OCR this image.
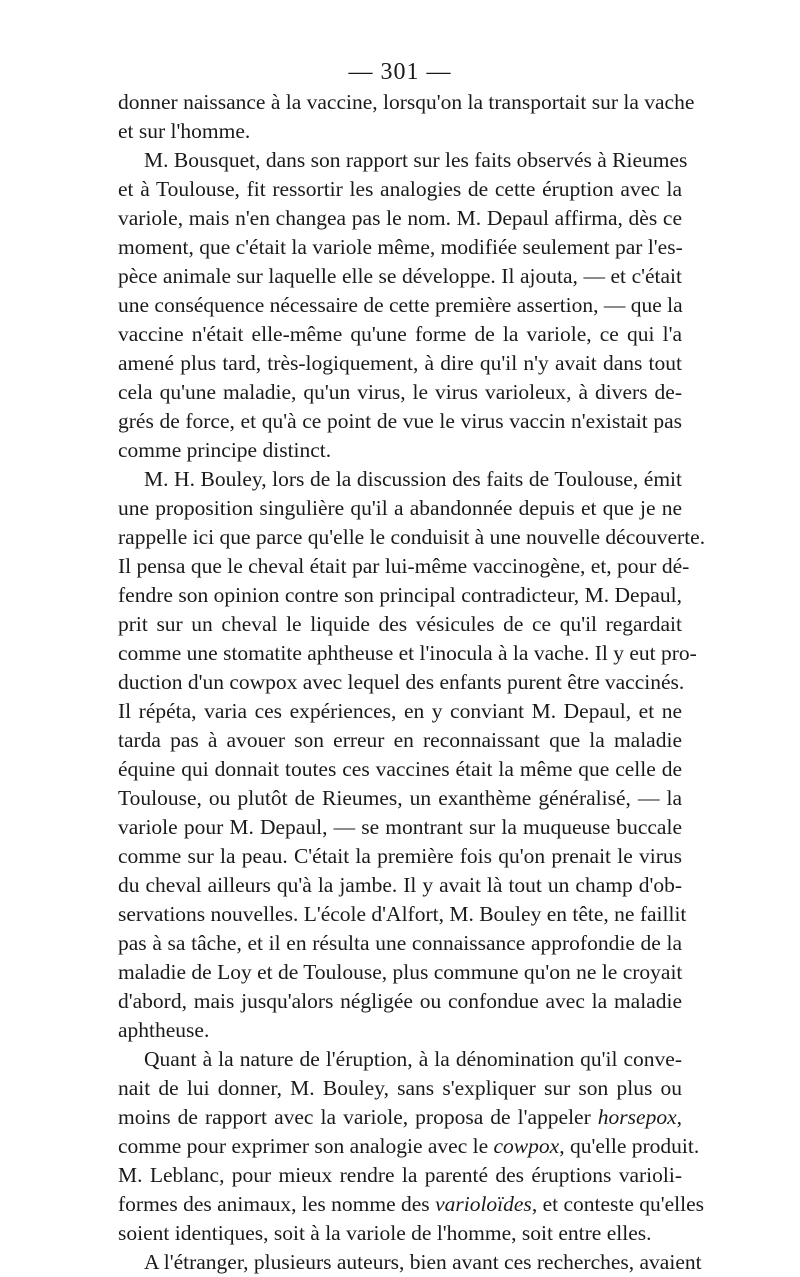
— 301 —
donner naissance à la vaccine, lorsqu'on la transportait sur la vache
et sur l'homme.
M. Bousquet, dans son rapport sur les faits observés à Rieumes
et à Toulouse, fit ressortir les analogies de cette éruption avec la
variole, mais n'en changea pas le nom. M. Depaul affirma, dès ce
moment, que c'était la variole même, modifiée seulement par l'es-
pèce animale sur laquelle elle se développe. Il ajouta, — et c'était
une conséquence nécessaire de cette première assertion, — que la
vaccine n'était elle-même qu'une forme de la variole, ce qui l'a
amené plus tard, très-logiquement, à dire qu'il n'y avait dans tout
cela qu'une maladie, qu'un virus, le virus varioleux, à divers de-
grés de force, et qu'à ce point de vue le virus vaccin n'existait pas
comme principe distinct.
M. H. Bouley, lors de la discussion des faits de Toulouse, émit
une proposition singulière qu'il a abandonnée depuis et que je ne
rappelle ici que parce qu'elle le conduisit à une nouvelle découverte.
Il pensa que le cheval était par lui-même vaccinogène, et, pour dé-
fendre son opinion contre son principal contradicteur, M. Depaul,
prit sur un cheval le liquide des vésicules de ce qu'il regardait
comme une stomatite aphtheuse et l'inocula à la vache. Il y eut pro-
duction d'un cowpox avec lequel des enfants purent être vaccinés.
Il répéta, varia ces expériences, en y conviant M. Depaul, et ne
tarda pas à avouer son erreur en reconnaissant que la maladie
équine qui donnait toutes ces vaccines était la même que celle de
Toulouse, ou plutôt de Rieumes, un exanthème généralisé, — la
variole pour M. Depaul, — se montrant sur la muqueuse buccale
comme sur la peau. C'était la première fois qu'on prenait le virus
du cheval ailleurs qu'à la jambe. Il y avait là tout un champ d'ob-
servations nouvelles. L'école d'Alfort, M. Bouley en tête, ne faillit
pas à sa tâche, et il en résulta une connaissance approfondie de la
maladie de Loy et de Toulouse, plus commune qu'on ne le croyait
d'abord, mais jusqu'alors négligée ou confondue avec la maladie
aphtheuse.
Quant à la nature de l'éruption, à la dénomination qu'il conve-
nait de lui donner, M. Bouley, sans s'expliquer sur son plus ou
moins de rapport avec la variole, proposa de l'appeler horsepox,
comme pour exprimer son analogie avec le cowpox, qu'elle produit.
M. Leblanc, pour mieux rendre la parenté des éruptions varioli-
formes des animaux, les nomme des varioloïdes, et conteste qu'elles
soient identiques, soit à la variole de l'homme, soit entre elles.
A l'étranger, plusieurs auteurs, bien avant ces recherches, avaient
